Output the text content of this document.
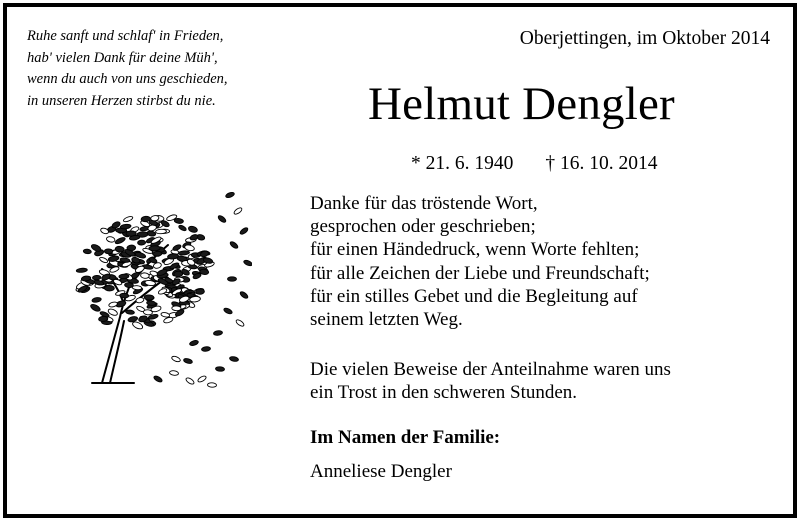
Ruhe sanft und schlaf' in Frieden,
hab' vielen Dank für deine Müh',
wenn du auch von uns geschieden,
in unseren Herzen stirbst du nie.
Oberjettingen, im Oktober 2014
Helmut Dengler
* 21. 6. 1940 † 16. 10. 2014
Danke für das tröstende Wort,
gesprochen oder geschrieben;
für einen Händedruck, wenn Worte fehlten;
für alle Zeichen der Liebe und Freundschaft;
für ein stilles Gebet und die Begleitung auf
seinem letzten Weg.
Die vielen Beweise der Anteilnahme waren uns
ein Trost in den schweren Stunden.
Im Namen der Familie:
Anneliese Dengler
